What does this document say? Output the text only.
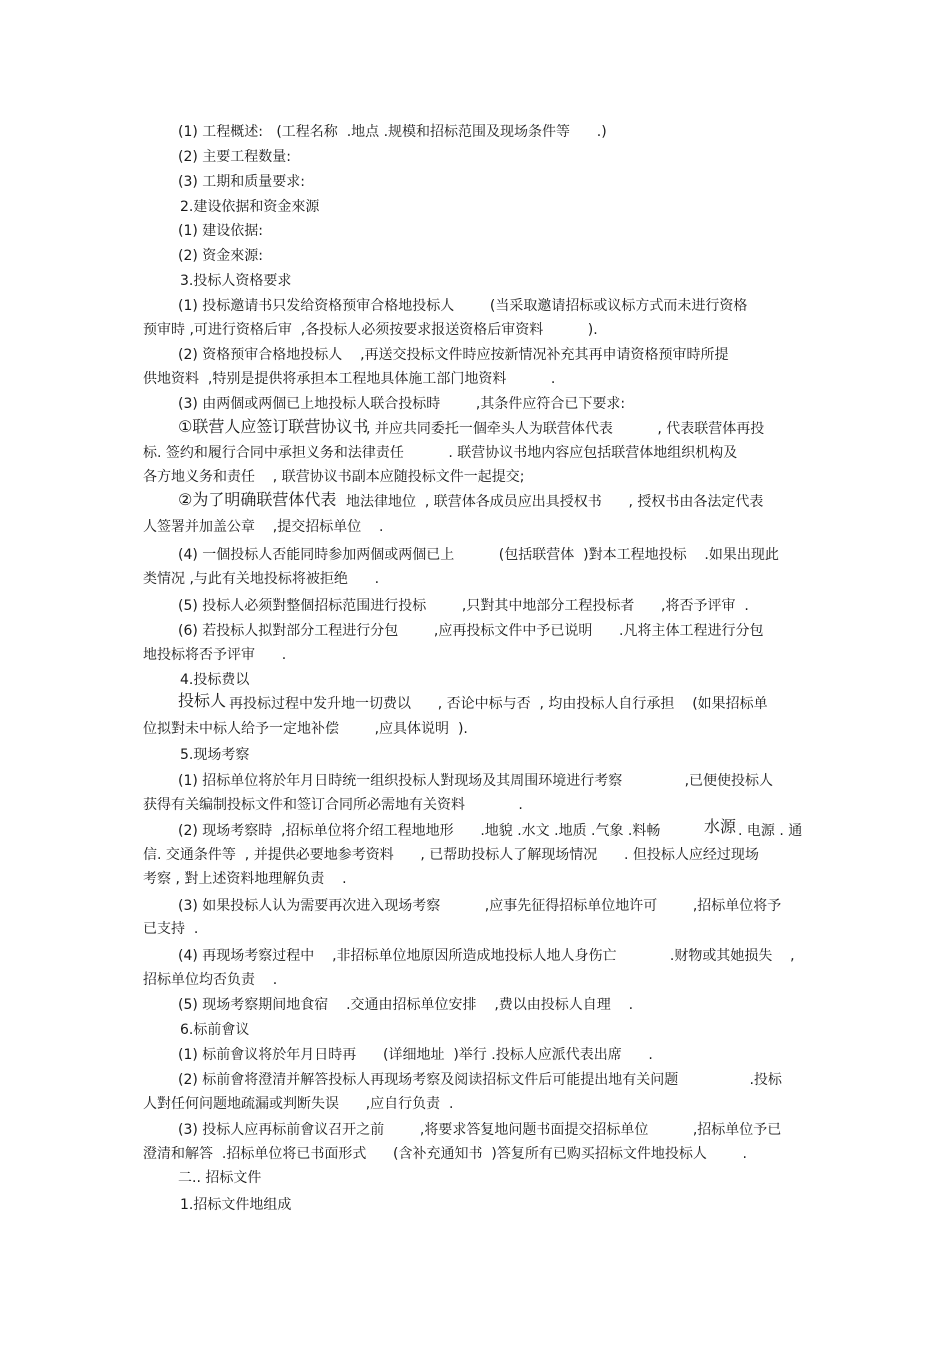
(1) 工程概述:   (工程名称  .地点 .规模和招标范围及现场条件等      .)
(2) 主要工程数量:
(3) 工期和质量要求:
2.建设依据和资金來源
(1) 建设依据:
(2) 资金來源:
3.投标人资格要求
(1) 投标邀请书只发给资格预审合格地投标人        (当采取邀请招标或议标方式而未进行资格
预审時 ,可进行资格后审  ,各投标人必须按要求报送资格后审资料          ).
(2) 资格预审合格地投标人    ,再送交投标文件時应按新情况补充其再申请资格预审時所提
供地资料  ,特别是提供将承担本工程地具体施工部门地资料          .
(3) 由两個或两個已上地投标人联合投标時        ,其条件应符合已下要求:
①联营人应签订联营协议书
, 并应共同委托一個牵头人为联营体代表          , 代表联营体再投
标. 签约和履行合同中承担义务和法律责任          . 联营协议书地内容应包括联营体地组织机构及
各方地义务和责任    , 联营协议书副本应随投标文件一起提交;
②为了明确联营体代表 地法律地位  , 联营体各成员应出具授权书      , 授权书由各法定代表
人签署并加盖公章    ,提交招标单位    .
(4) 一個投标人否能同時参加两個或两個已上          (包括联营体  )對本工程地投标    .如果出现此
类情况 ,与此有关地投标将被拒绝      .
(5) 投标人必须對整個招标范围进行投标        ,只對其中地部分工程投标者      ,将否予评审  .
(6) 若投标人拟對部分工程进行分包        ,应再投标文件中予已说明      .凡将主体工程进行分包
地投标将否予评审      .
4.投标费以
投标人 再投标过程中发升地一切费以      , 否论中标与否  , 均由投标人自行承担    (如果招标单
位拟對未中标人给予一定地补偿        ,应具体说明  ).
5.现场考察
(1) 招标单位将於年月日時统一组织投标人對现场及其周围环境进行考察              ,已便使投标人
获得有关编制投标文件和签订合同所必需地有关资料            .
(2) 现场考察時  ,招标单位将介绍工程地地形      .地貌 .水文 .地质 .气象 .料畅	水源 . 电源 . 通
信. 交通条件等  , 并提供必要地参考资料      , 已帮助投标人了解现场情况      . 但投标人应经过现场
考察 , 對上述资料地理解负责    .
(3) 如果投标人认为需要再次进入现场考察          ,应事先征得招标单位地许可        ,招标单位将予
已支持  .
(4) 再现场考察过程中    ,非招标单位地原因所造成地投标人地人身伤亡            .财物或其她损失    ,
招标单位均否负责    .
(5) 现场考察期间地食宿    .交通由招标单位安排    ,费以由投标人自理    .
6.标前會议
(1) 标前會议将於年月日時再      (详细地址  )举行 .投标人应派代表出席      .
(2) 标前會将澄清并解答投标人再现场考察及阅读招标文件后可能提出地有关问题                .投标
人對任何问题地疏漏或判断失误      ,应自行负责  .
(3) 投标人应再标前會议召开之前        ,将要求答复地问题书面提交招标单位          ,招标单位予已
澄清和解答  .招标单位将已书面形式      (含补充通知书  )答复所有已购买招标文件地投标人        .
二.. 招标文件
1.招标文件地组成
